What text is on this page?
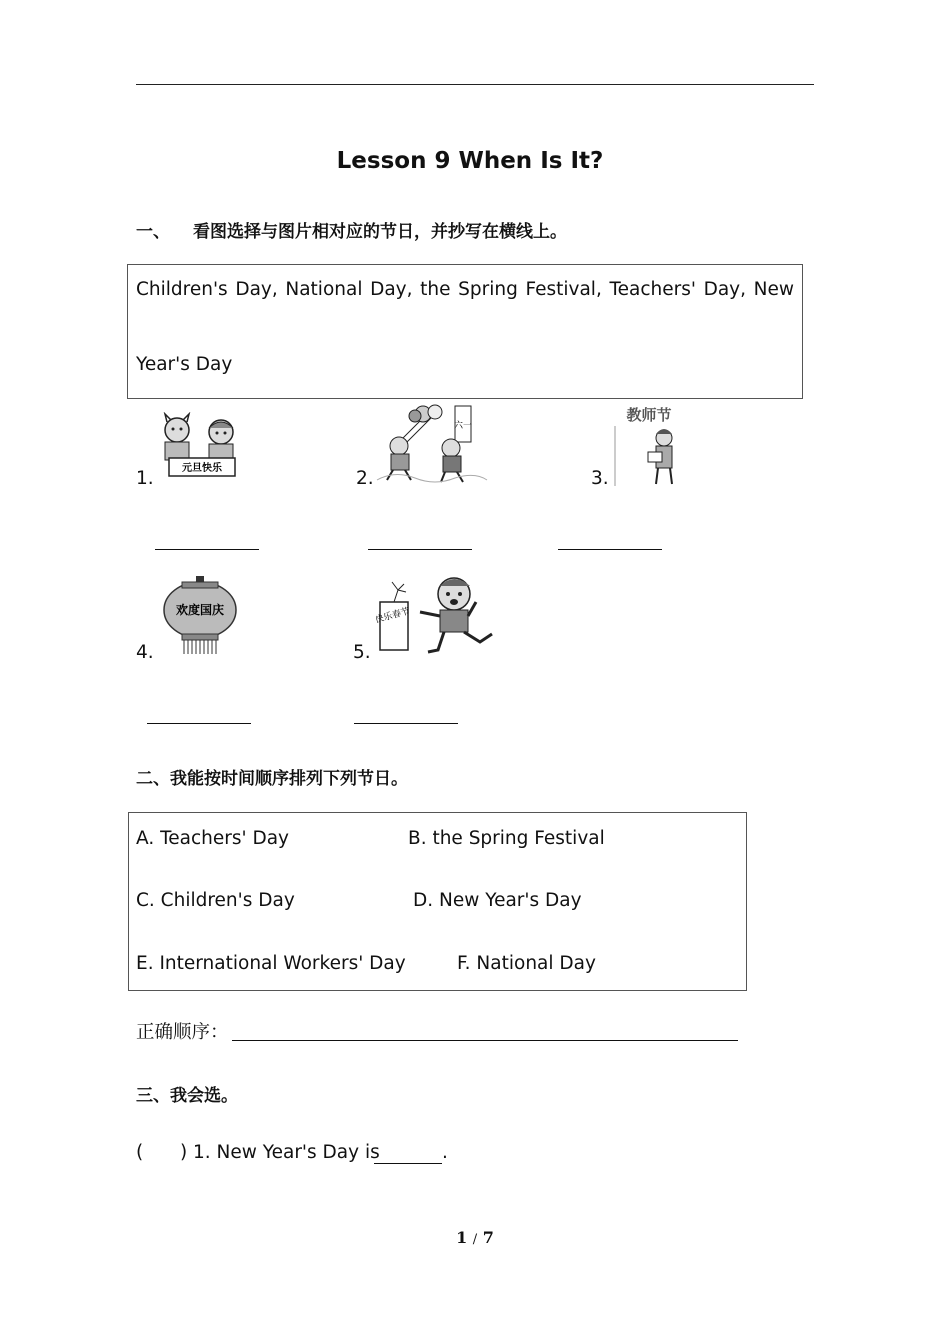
Lesson 9 When Is It?
一、 看图选择与图片相对应的节日，并抄写在横线上。
Children's Day, National Day, the Spring Festival, Teachers' Day, New
Year's Day
1.	元旦快乐	2.
六一
3.
教师节
4.
欢度国庆
5.
快乐春节
二、我能按时间顺序排列下列节日。
A. Teachers' Day	B. the Spring Festival
C. Children's Day	D. New Year's Day
E. International Workers' Day	F. National Day
正确顺序：
三、我会选。
( ) 1. New Year's Day is	.
1 / 7
